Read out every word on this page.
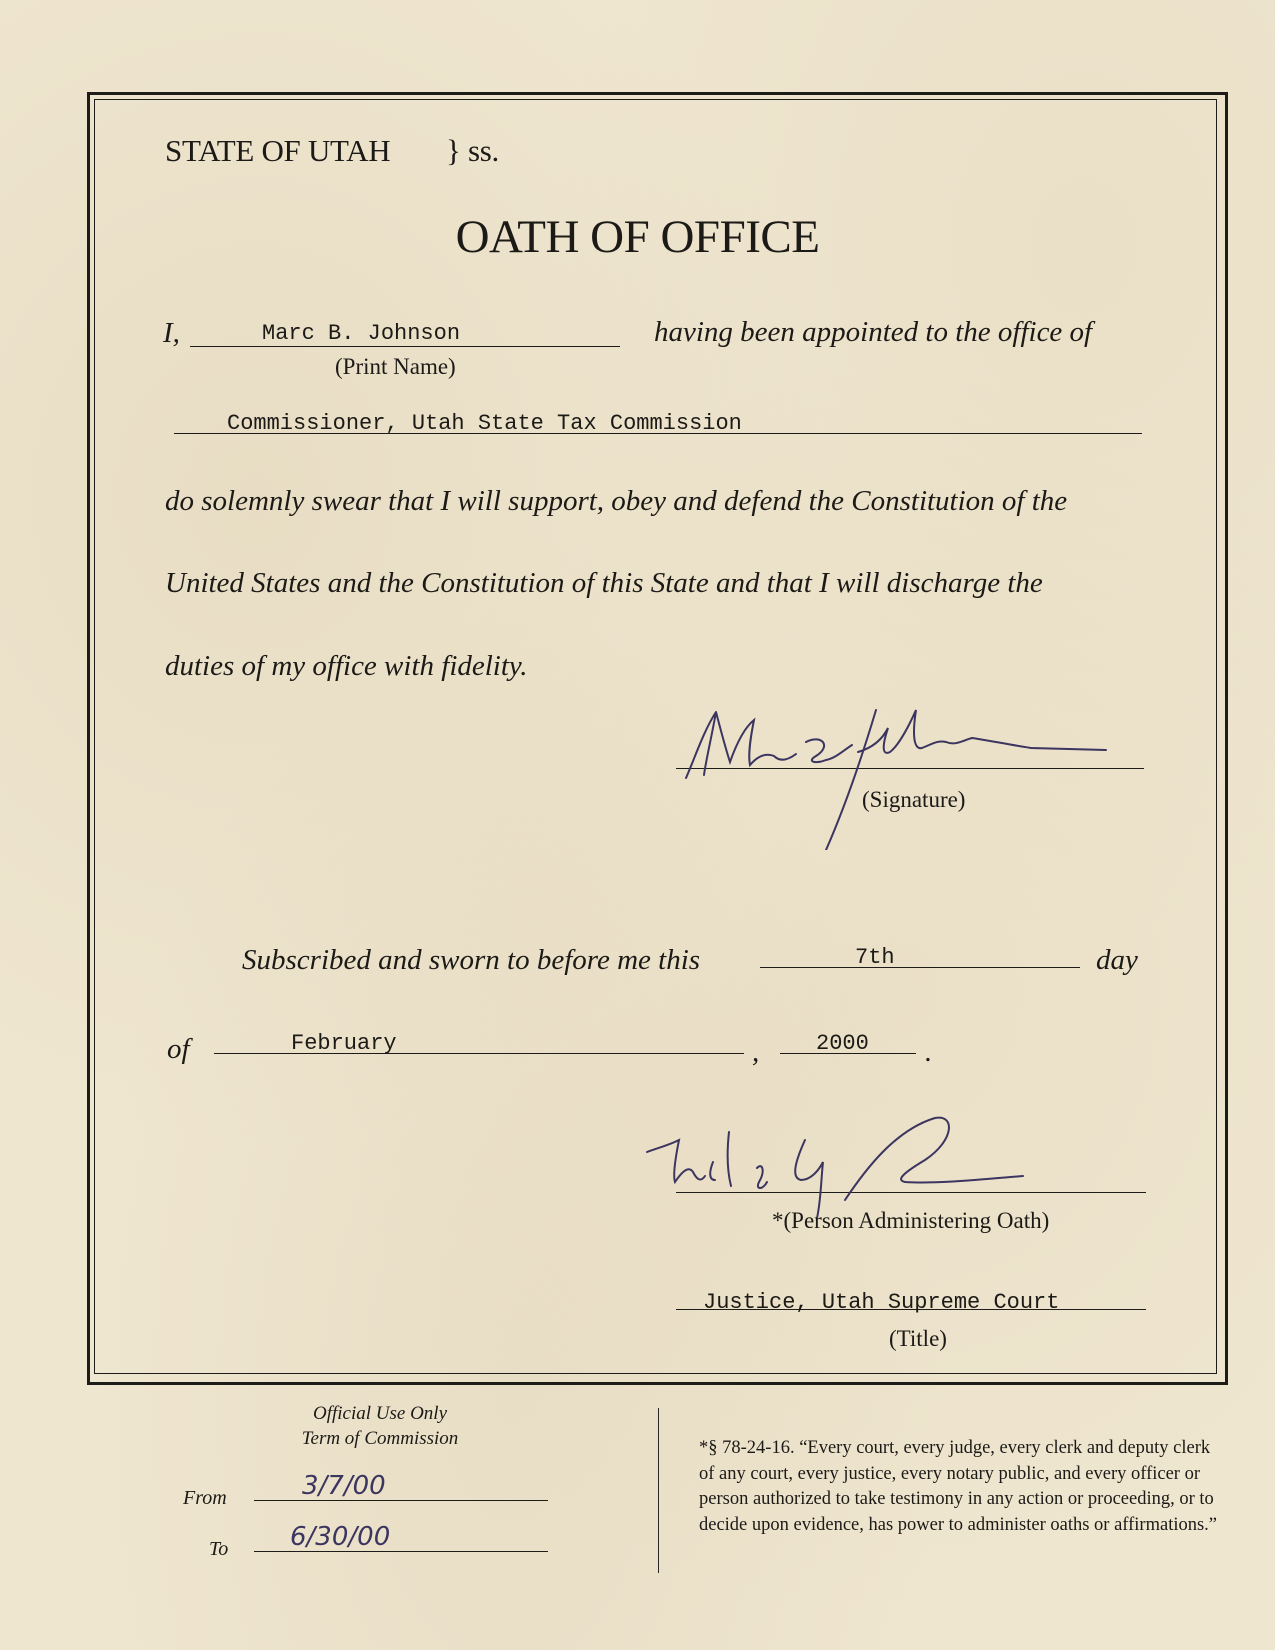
STATE OF UTAH } ss.
OATH OF OFFICE
I,	Marc B. Johnson
(Print Name)
having been appointed to the office of
Commissioner, Utah State Tax Commission
do solemnly swear that I will support, obey and defend the Constitution of the
United States and the Constitution of this State and that I will discharge the
duties of my office with fidelity.
(Signature)
Subscribed and sworn to before me this	7th	day
of	February	,	2000 .
*(Person Administering Oath)
Justice, Utah Supreme Court
(Title)
Official Use Only
Term of Commission
From	3/7/00
To 6/30/00
*§ 78-24-16. “Every court, every judge, every clerk and deputy clerk of any court, every justice, every notary public, and every officer or person authorized to take testimony in any action or proceeding, or to decide upon evidence, has power to administer oaths or affirmations.”
